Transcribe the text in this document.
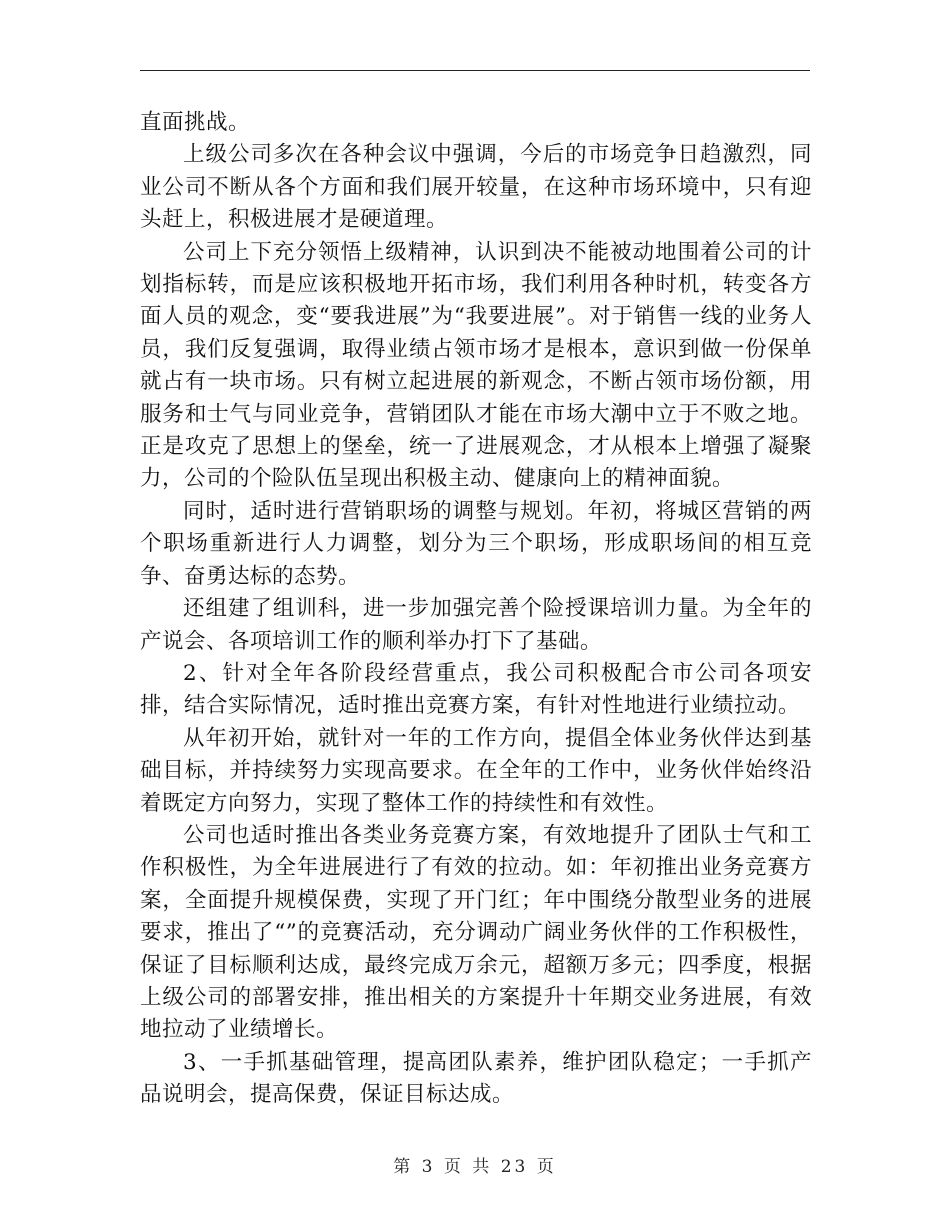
直面挑战。

上级公司多次在各种会议中强调，今后的市场竞争日趋激烈，同业公司不断从各个方面和我们展开较量，在这种市场环境中，只有迎头赶上，积极进展才是硬道理。

公司上下充分领悟上级精神，认识到决不能被动地围着公司的计划指标转，而是应该积极地开拓市场，我们利用各种时机，转变各方面人员的观念，变“要我进展”为“我要进展”。对于销售一线的业务人员，我们反复强调，取得业绩占领市场才是根本，意识到做一份保单就占有一块市场。只有树立起进展的新观念，不断占领市场份额，用服务和士气与同业竞争，营销团队才能在市场大潮中立于不败之地。正是攻克了思想上的堡垒，统一了进展观念，才从根本上增强了凝聚力，公司的个险队伍呈现出积极主动、健康向上的精神面貌。

同时，适时进行营销职场的调整与规划。年初，将城区营销的两个职场重新进行人力调整，划分为三个职场，形成职场间的相互竞争、奋勇达标的态势。

还组建了组训科，进一步加强完善个险授课培训力量。为全年的产说会、各项培训工作的顺利举办打下了基础。

2、针对全年各阶段经营重点，我公司积极配合市公司各项安排，结合实际情况，适时推出竞赛方案，有针对性地进行业绩拉动。

从年初开始，就针对一年的工作方向，提倡全体业务伙伴达到基础目标，并持续努力实现高要求。在全年的工作中，业务伙伴始终沿着既定方向努力，实现了整体工作的持续性和有效性。

公司也适时推出各类业务竞赛方案，有效地提升了团队士气和工作积极性，为全年进展进行了有效的拉动。如：年初推出业务竞赛方案，全面提升规模保费，实现了开门红；年中围绕分散型业务的进展要求，推出了“”的竞赛活动，充分调动广阔业务伙伴的工作积极性，保证了目标顺利达成，最终完成万余元，超额万多元；四季度，根据上级公司的部署安排，推出相关的方案提升十年期交业务进展，有效地拉动了业绩增长。

3、一手抓基础管理，提高团队素养，维护团队稳定；一手抓产品说明会，提高保费，保证目标达成。

第 3 页 共 23 页
